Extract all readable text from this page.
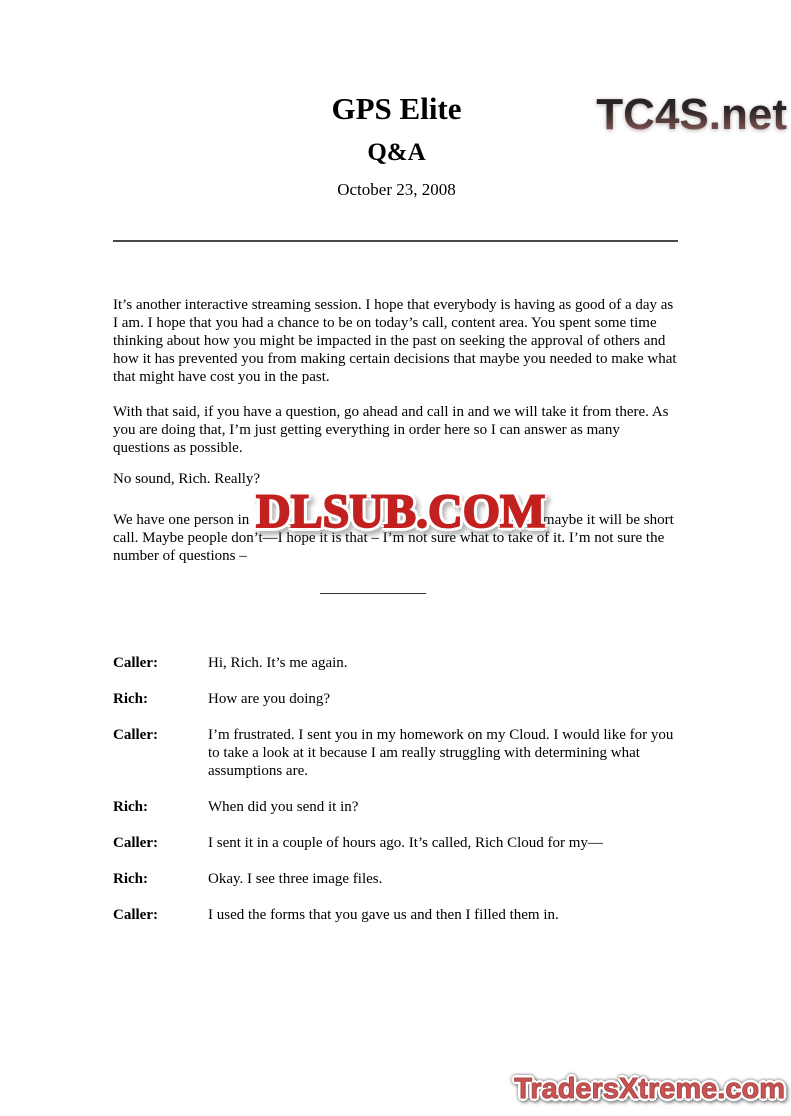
TC4S.net
GPS Elite
Q&A
October 23, 2008

It’s another interactive streaming session. I hope that everybody is having as good of a day as I am. I hope that you had a chance to be on today’s call, content area. You spent some time thinking about how you might be impacted in the past on seeking the approval of others and how it has prevented you from making certain decisions that maybe you needed to make what that might have cost you in the past.

With that said, if you have a question, go ahead and call in and we will take it from there. As you are doing that, I’m just getting everything in order here so I can answer as many questions as possible.

No sound, Rich. Really?

We have one person in	nows, maybe it will be short call. Maybe people don’t—I hope it is that – I’m not sure what to take of it. I’m not sure the number of questions –
DLSUB.COM

Caller:	Hi, Rich. It’s me again.
Rich:	How are you doing?
Caller:	I’m frustrated. I sent you in my homework on my Cloud. I would like for you to take a look at it because I am really struggling with determining what assumptions are.
Rich:	When did you send it in?
Caller:	I sent it in a couple of hours ago. It’s called, Rich Cloud for my—
Rich:	Okay. I see three image files.
Caller:	I used the forms that you gave us and then I filled them in.
TradersXtreme.com
